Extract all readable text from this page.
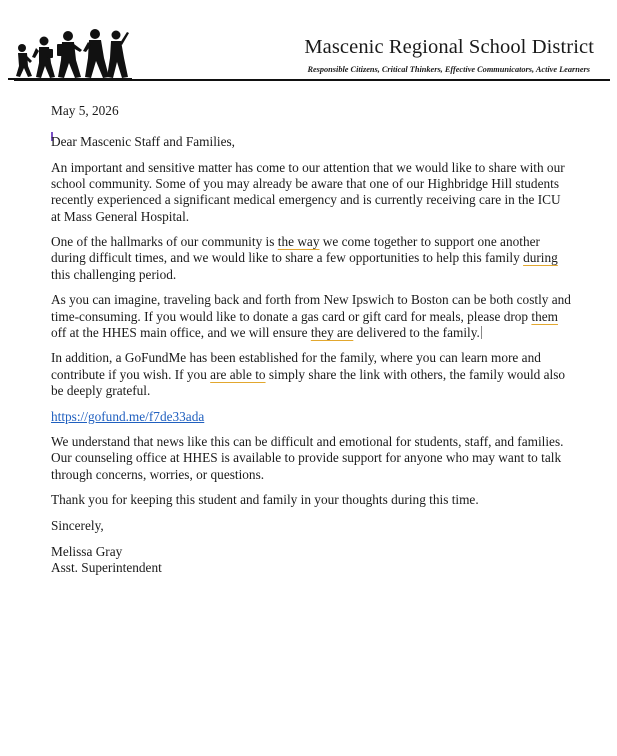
Mascenic Regional School District
Responsible Citizens, Critical Thinkers, Effective Communicators, Active Learners

May 5, 2026

Dear Mascenic Staff and Families,

An important and sensitive matter has come to our attention that we would like to share with our school community. Some of you may already be aware that one of our Highbridge Hill students recently experienced a significant medical emergency and is currently receiving care in the ICU at Mass General Hospital.

One of the hallmarks of our community is the way we come together to support one another during difficult times, and we would like to share a few opportunities to help this family during this challenging period.

As you can imagine, traveling back and forth from New Ipswich to Boston can be both costly and time-consuming. If you would like to donate a gas card or gift card for meals, please drop them off at the HHES main office, and we will ensure they are delivered to the family.

In addition, a GoFundMe has been established for the family, where you can learn more and contribute if you wish. If you are able to simply share the link with others, the family would also be deeply grateful.

https://gofund.me/f7de33ada

We understand that news like this can be difficult and emotional for students, staff, and families. Our counseling office at HHES is available to provide support for anyone who may want to talk through concerns, worries, or questions.

Thank you for keeping this student and family in your thoughts during this time.

Sincerely,

Melissa Gray

Asst. Superintendent
